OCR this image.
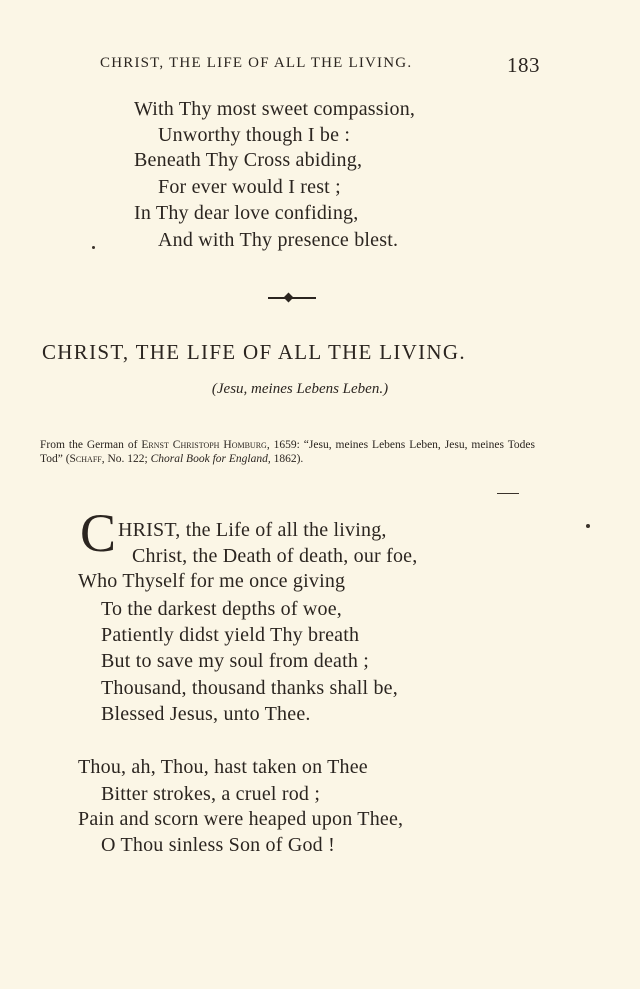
CHRIST, THE LIFE OF ALL THE LIVING.	183
With Thy most sweet compassion,
Unworthy though I be :
Beneath Thy Cross abiding,
For ever would I rest ;
In Thy dear love confiding,
And with Thy presence blest.
CHRIST, THE LIFE OF ALL THE LIVING.
(Jesu, meines Lebens Leben.)
From the German of Ernst Christoph Homburg, 1659: “Jesu, meines Lebens Leben, Jesu, meines Todes Tod” (Schaff, No. 122; Choral Book for England, 1862).
C HRIST, the Life of all the living,
Christ, the Death of death, our foe,
Who Thyself for me once giving
To the darkest depths of woe,
Patiently didst yield Thy breath
But to save my soul from death ;
Thousand, thousand thanks shall be,
Blessed Jesus, unto Thee.
Thou, ah, Thou, hast taken on Thee
Bitter strokes, a cruel rod ;
Pain and scorn were heaped upon Thee,
O Thou sinless Son of God !
